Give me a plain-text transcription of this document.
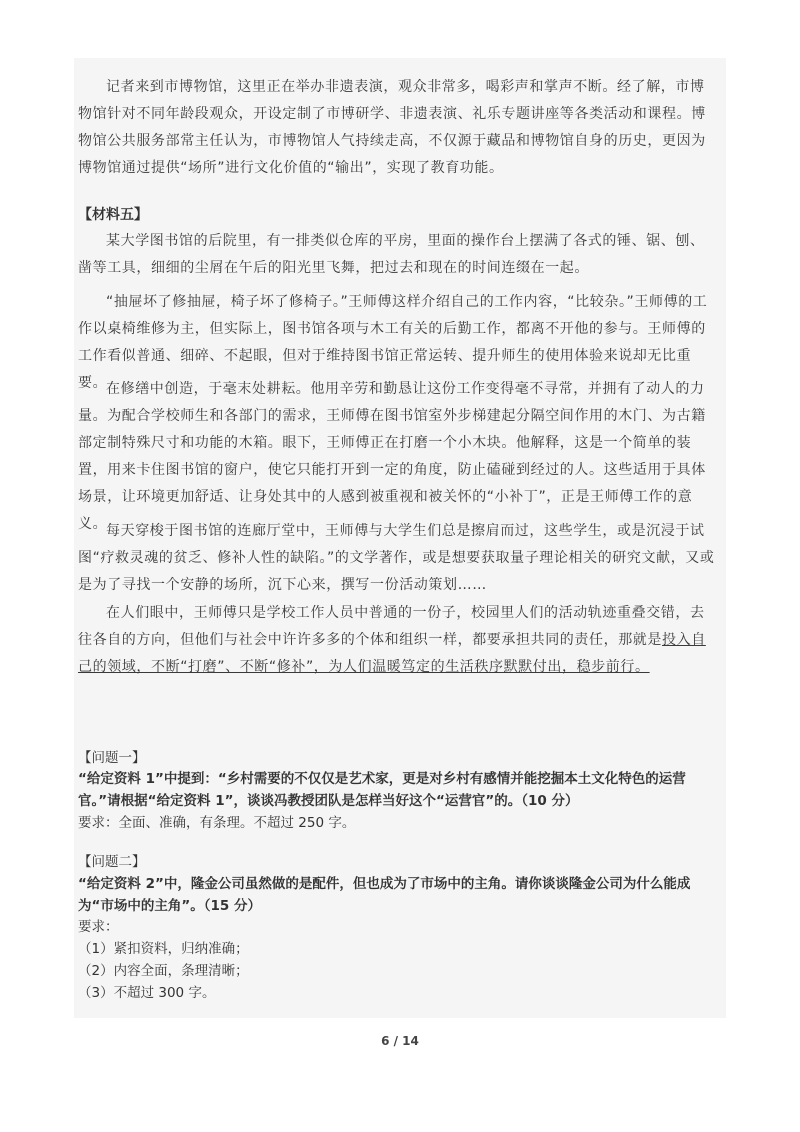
记者来到市博物馆，这里正在举办非遗表演，观众非常多，喝彩声和掌声不断。经了解，市博物馆针对不同年龄段观众，开设定制了市博研学、非遗表演、礼乐专题讲座等各类活动和课程。博物馆公共服务部常主任认为，市博物馆人气持续走高，不仅源于藏品和博物馆自身的历史，更因为博物馆通过提供“场所”进行文化价值的“输出”，实现了教育功能。

【材料五】

某大学图书馆的后院里，有一排类似仓库的平房，里面的操作台上摆满了各式的锤、锯、刨、凿等工具，细细的尘屑在午后的阳光里飞舞，把过去和现在的时间连缀在一起。

“抽屉坏了修抽屉，椅子坏了修椅子。”王师傅这样介绍自己的工作内容，“比较杂。”王师傅的工作以桌椅维修为主，但实际上，图书馆各项与木工有关的后勤工作，都离不开他的参与。王师傅的工作看似普通、细碎、不起眼，但对于维持图书馆正常运转、提升师生的使用体验来说却无比重要。

在修缮中创造，于毫末处耕耘。他用辛劳和勤恳让这份工作变得毫不寻常，并拥有了动人的力量。为配合学校师生和各部门的需求，王师傅在图书馆室外步梯建起分隔空间作用的木门、为古籍部定制特殊尺寸和功能的木箱。眼下，王师傅正在打磨一个小木块。他解释，这是一个简单的装置，用来卡住图书馆的窗户，使它只能打开到一定的角度，防止磕碰到经过的人。这些适用于具体场景，让环境更加舒适、让身处其中的人感到被重视和被关怀的“小补丁”，正是王师傅工作的意义。

每天穿梭于图书馆的连廊厅堂中，王师傅与大学生们总是擦肩而过，这些学生，或是沉浸于试图“疗救灵魂的贫乏、修补人性的缺陷。”的文学著作，或是想要获取量子理论相关的研究文献，又或是为了寻找一个安静的场所，沉下心来，撰写一份活动策划……

在人们眼中，王师傅只是学校工作人员中普通的一份子，校园里人们的活动轨迹重叠交错，去往各自的方向，但他们与社会中许许多多的个体和组织一样，都要承担共同的责任，那就是投入自己的领域，不断“打磨”、不断“修补”，为人们温暖笃定的生活秩序默默付出，稳步前行。

【问题一】

“给定资料 1”中提到：“乡村需要的不仅仅是艺术家，更是对乡村有感情并能挖掘本土文化特色的运营官。”请根据“给定资料 1”，谈谈冯教授团队是怎样当好这个“运营官”的。（10 分）

要求：全面、准确，有条理。不超过 250 字。

【问题二】

“给定资料 2”中，隆金公司虽然做的是配件，但也成为了市场中的主角。请你谈谈隆金公司为什么能成为“市场中的主角”。（15 分）

要求：

（1）紧扣资料，归纳准确；

（2）内容全面，条理清晰；

（3）不超过 300 字。

6 / 14
